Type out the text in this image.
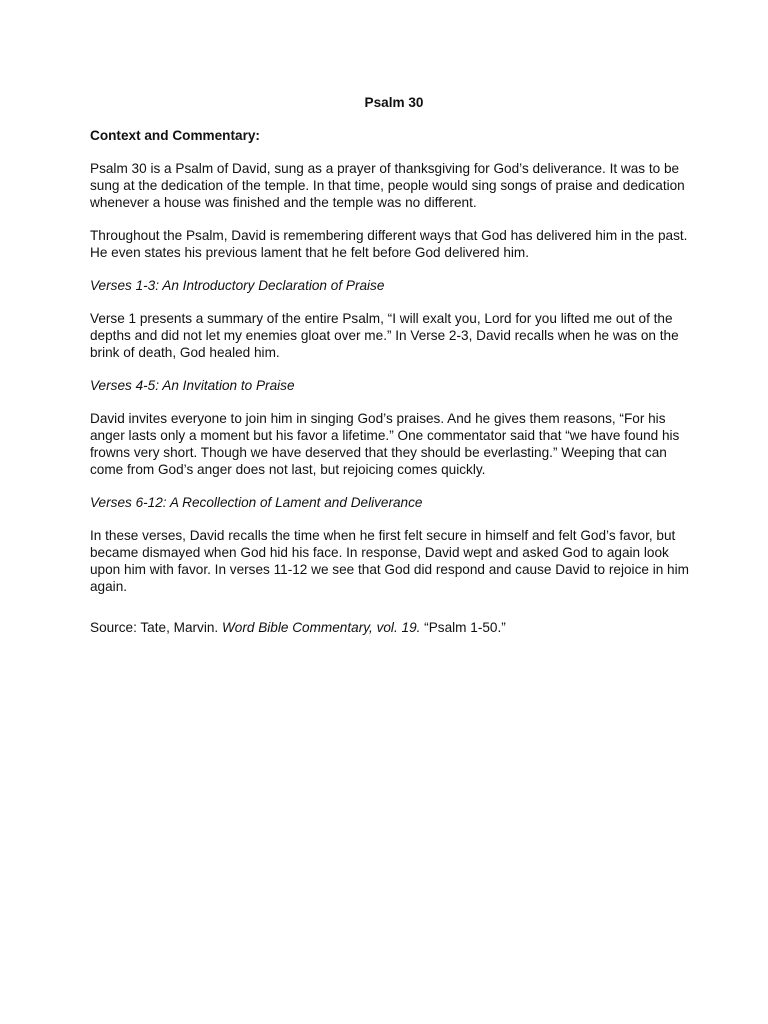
Psalm 30
Context and Commentary:

Psalm 30 is a Psalm of David, sung as a prayer of thanksgiving for God’s deliverance. It was to be sung at the dedication of the temple. In that time, people would sing songs of praise and dedication whenever a house was finished and the temple was no different.

Throughout the Psalm, David is remembering different ways that God has delivered him in the past. He even states his previous lament that he felt before God delivered him.

Verses 1-3: An Introductory Declaration of Praise

Verse 1 presents a summary of the entire Psalm, “I will exalt you, Lord for you lifted me out of the depths and did not let my enemies gloat over me.” In Verse 2-3, David recalls when he was on the brink of death, God healed him.

Verses 4-5: An Invitation to Praise

David invites everyone to join him in singing God’s praises. And he gives them reasons, “For his anger lasts only a moment but his favor a lifetime.” One commentator said that “we have found his frowns very short. Though we have deserved that they should be everlasting.” Weeping that can come from God’s anger does not last, but rejoicing comes quickly.

Verses 6-12: A Recollection of Lament and Deliverance

In these verses, David recalls the time when he first felt secure in himself and felt God’s favor, but became dismayed when God hid his face. In response, David wept and asked God to again look upon him with favor. In verses 11-12 we see that God did respond and cause David to rejoice in him again.

Source: Tate, Marvin. Word Bible Commentary, vol. 19. “Psalm 1-50.”
